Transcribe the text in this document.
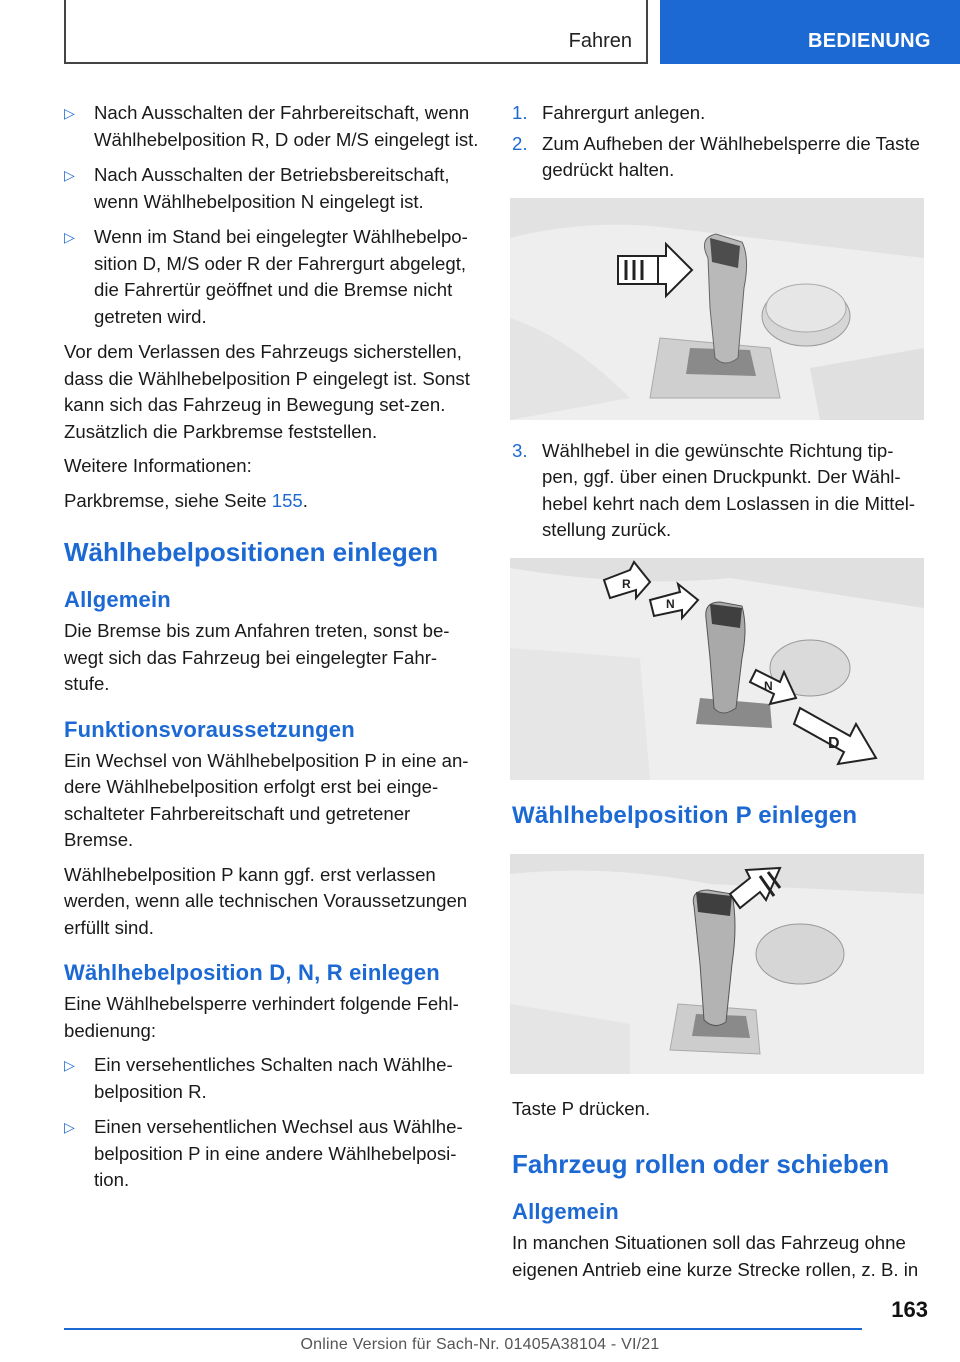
Fahren	BEDIENUNG
▷ Nach Ausschalten der Fahrbereitschaft, wenn Wählhebelposition R, D oder M/S eingelegt ist.
▷ Nach Ausschalten der Betriebsbereitschaft, wenn Wählhebelposition N eingelegt ist.
▷ Wenn im Stand bei eingelegter Wählhebelpo‐sition D, M/S oder R der Fahrergurt abgelegt, die Fahrertür geöffnet und die Bremse nicht getreten wird.

Vor dem Verlassen des Fahrzeugs sicherstellen, dass die Wählhebelposition P eingelegt ist. Sonst kann sich das Fahrzeug in Bewegung set‐zen. Zusätzlich die Parkbremse feststellen.

Weitere Informationen:

Parkbremse, siehe Seite 155.

Wählhebelpositionen einlegen
Allgemein

Die Bremse bis zum Anfahren treten, sonst be‐wegt sich das Fahrzeug bei eingelegter Fahr‐stufe.

Funktionsvoraussetzungen

Ein Wechsel von Wählhebelposition P in eine an‐dere Wählhebelposition erfolgt erst bei einge‐schalteter Fahrbereitschaft und getretener Bremse.

Wählhebelposition P kann ggf. erst verlassen werden, wenn alle technischen Voraussetzungen erfüllt sind.

Wählhebelposition D, N, R einlegen

Eine Wählhebelsperre verhindert folgende Fehl‐bedienung:

▷ Ein versehentliches Schalten nach Wählhe‐belposition R.
▷ Einen versehentlichen Wechsel aus Wählhe‐belposition P in eine andere Wählhebelposi‐tion.
1. Fahrergurt anlegen.
2. Zum Aufheben der Wählhebelsperre die Taste gedrückt halten.
3. Wählhebel in die gewünschte Richtung tip‐pen, ggf. über einen Druckpunkt. Der Wähl‐hebel kehrt nach dem Loslassen in die Mittel‐stellung zurück.
R
N
N
D
Wählhebelposition P einlegen

Taste P drücken.

Fahrzeug rollen oder schieben
Allgemein

In manchen Situationen soll das Fahrzeug ohne eigenen Antrieb eine kurze Strecke rollen, z. B. in

163
Online Version für Sach-Nr. 01405A38104 - VI/21
